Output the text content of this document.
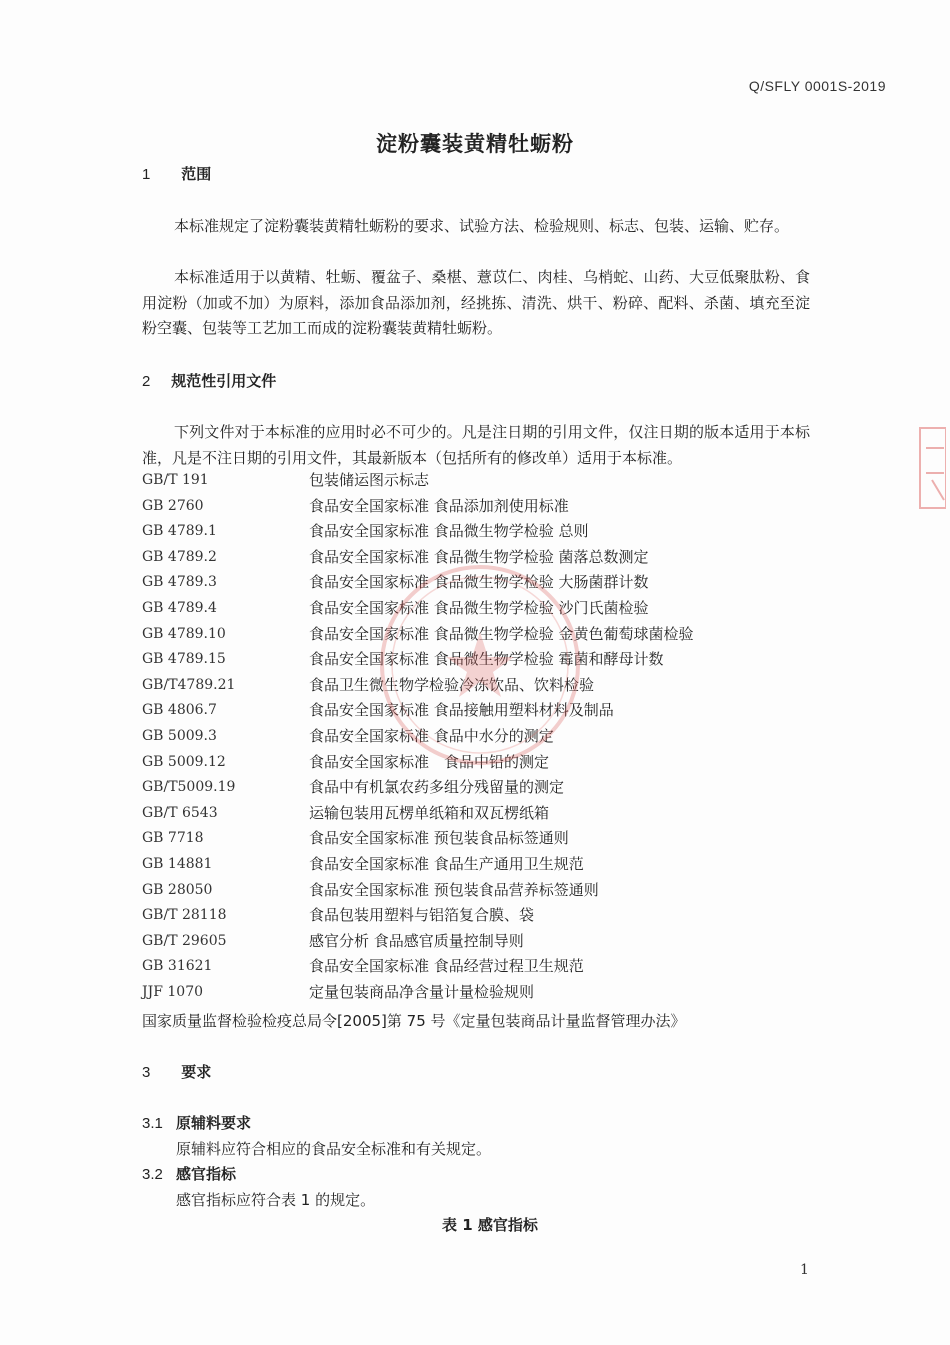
Q/SFLY 0001S-2019
淀粉囊装黄精牡蛎粉
1 范围
本标准规定了淀粉囊装黄精牡蛎粉的要求、试验方法、检验规则、标志、包装、运输、贮存。
本标准适用于以黄精、牡蛎、覆盆子、桑椹、薏苡仁、肉桂、乌梢蛇、山药、大豆低聚肽粉、食用淀粉（加或不加）为原料，添加食品添加剂，经挑拣、清洗、烘干、粉碎、配料、杀菌、填充至淀粉空囊、包装等工艺加工而成的淀粉囊装黄精牡蛎粉。
2 规范性引用文件
下列文件对于本标准的应用时必不可少的。凡是注日期的引用文件，仅注日期的版本适用于本标准，凡是不注日期的引用文件，其最新版本（包括所有的修改单）适用于本标准。
GB/T 191	包装储运图示标志
GB 2760	食品安全国家标准 食品添加剂使用标准
GB 4789.1	食品安全国家标准 食品微生物学检验 总则
GB 4789.2	食品安全国家标准 食品微生物学检验 菌落总数测定
GB 4789.3	食品安全国家标准 食品微生物学检验 大肠菌群计数
GB 4789.4	食品安全国家标准 食品微生物学检验 沙门氏菌检验
GB 4789.10	食品安全国家标准 食品微生物学检验 金黄色葡萄球菌检验
GB 4789.15	食品安全国家标准 食品微生物学检验 霉菌和酵母计数
GB/T4789.21	食品卫生微生物学检验冷冻饮品、饮料检验
GB 4806.7	食品安全国家标准 食品接触用塑料材料及制品
GB 5009.3	食品安全国家标准 食品中水分的测定
GB 5009.12	食品安全国家标准　食品中铅的测定
GB/T5009.19	食品中有机氯农药多组分残留量的测定
GB/T 6543	运输包装用瓦楞单纸箱和双瓦楞纸箱
GB 7718	食品安全国家标准 预包装食品标签通则
GB 14881	食品安全国家标准 食品生产通用卫生规范
GB 28050	食品安全国家标准 预包装食品营养标签通则
GB/T 28118	食品包装用塑料与铝箔复合膜、袋
GB/T 29605	感官分析 食品感官质量控制导则
GB 31621	食品安全国家标准 食品经营过程卫生规范
JJF 1070	定量包装商品净含量计量检验规则
国家质量监督检验检疫总局令[2005]第 75 号《定量包装商品计量监督管理办法》
3 要求
3.1 原辅料要求
原辅料应符合相应的食品安全标准和有关规定。
3.2 感官指标
感官指标应符合表 1 的规定。
表 1 感官指标
1
